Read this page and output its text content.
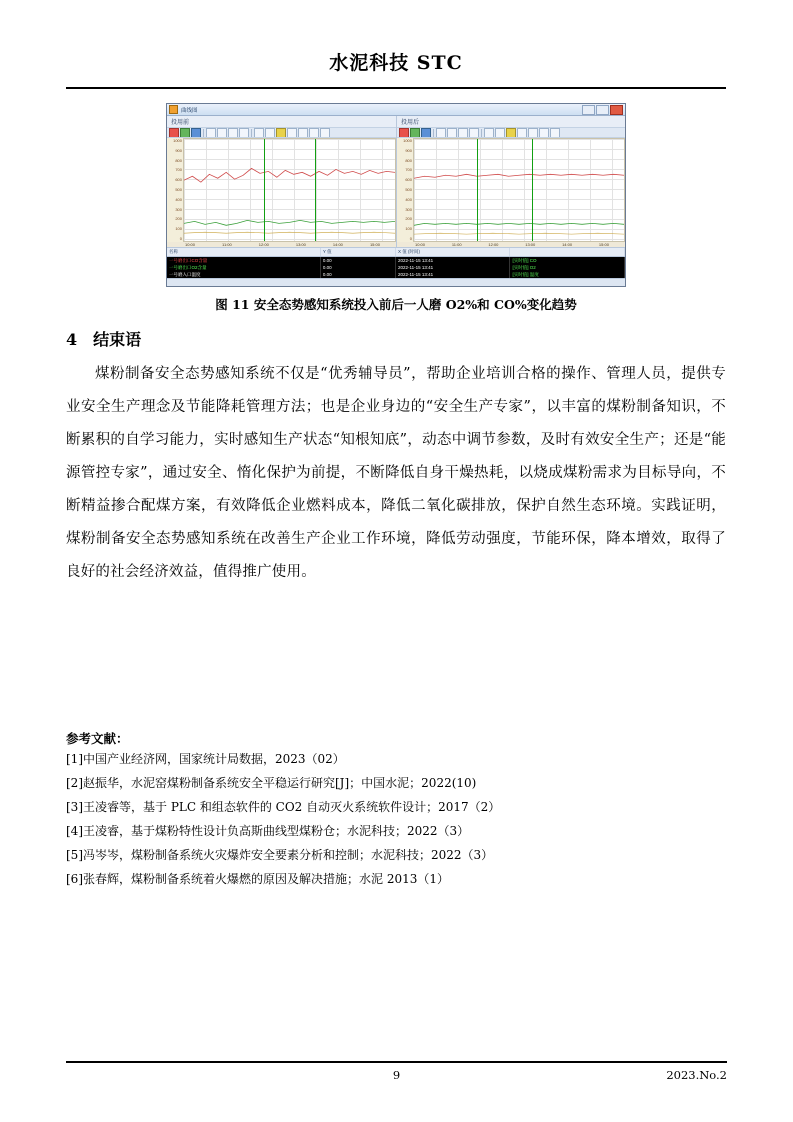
水泥科技 STC
曲线图
投用前
1000
900
800
700
600
500
400
300
200
100
0
10:00	11:00	12:00	13:00	14:00	15:00
投用后
1000
900
800
700
600
500
400
300
200
100
0
10:00	11:00	12:00	13:00	14:00	15:00
名称	Y 值	X 值 (时间)
一号磨出口CO含量	0.00	2022-11-15 13:41	[实时值] CO
一号磨出口O2含量	0.00	2022-11-15 13:41	[实时值] O2
一号磨入口温度	0.00	2022-11-15 13:41	[实时值] 温度
图 11 安全态势感知系统投入前后一人磨 O2%和 CO%变化趋势
4 结束语

煤粉制备安全态势感知系统不仅是“优秀辅导员”，帮助企业培训合格的操作、管理人员，提供专业安全生产理念及节能降耗管理方法；也是企业身边的“安全生产专家”，以丰富的煤粉制备知识，不断累积的自学习能力，实时感知生产状态“知根知底”，动态中调节参数，及时有效安全生产；还是“能源管控专家”，通过安全、惰化保护为前提，不断降低自身干燥热耗，以烧成煤粉需求为目标导向，不断精益掺合配煤方案，有效降低企业燃料成本，降低二氧化碳排放，保护自然生态环境。实践证明，煤粉制备安全态势感知系统在改善生产企业工作环境，降低劳动强度，节能环保，降本增效，取得了良好的社会经济效益，值得推广使用。

参考文献：
[1]中国产业经济网，国家统计局数据，2023（02）
[2]赵振华，水泥窑煤粉制备系统安全平稳运行研究[J]；中国水泥；2022(10)
[3]王凌睿等，基于 PLC 和组态软件的 CO2 自动灭火系统软件设计；2017（2）
[4]王凌睿，基于煤粉特性设计负高斯曲线型煤粉仓；水泥科技；2022（3）
[5]冯岑岑，煤粉制备系统火灾爆炸安全要素分析和控制；水泥科技；2022（3）
[6]张春辉，煤粉制备系统着火爆燃的原因及解决措施；水泥 2013（1）
9	2023.No.2
